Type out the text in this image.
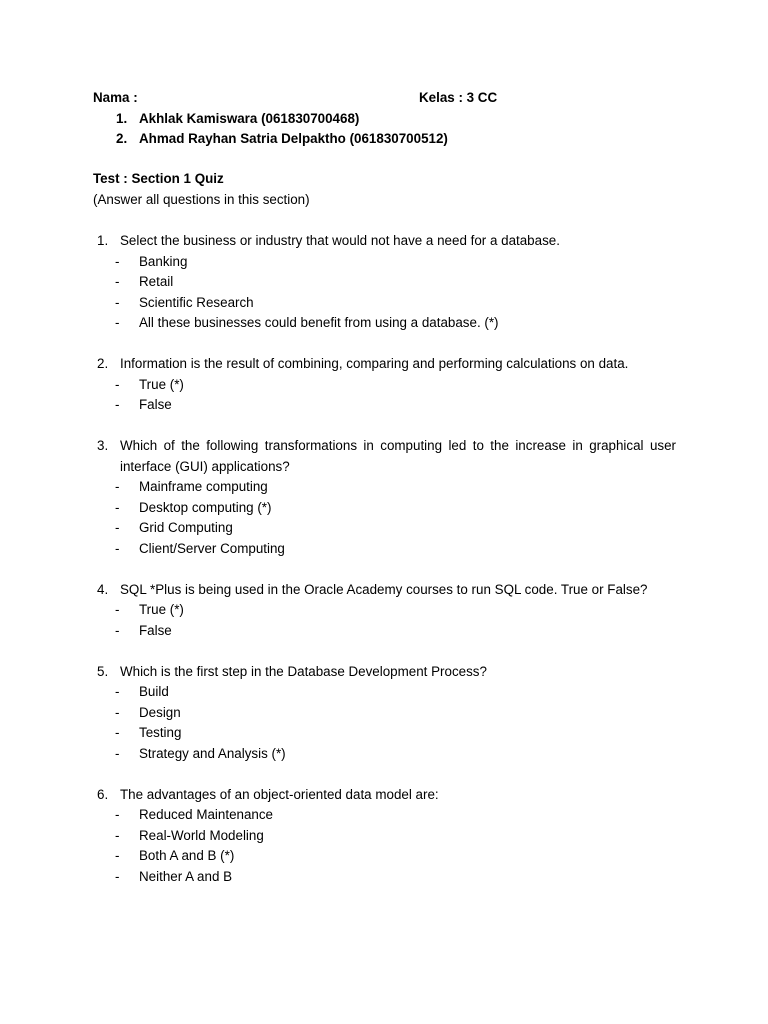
Nama :	Kelas : 3 CC
1. Akhlak Kamiswara (061830700468)
2. Ahmad Rayhan Satria Delpaktho (061830700512)
Test : Section 1 Quiz
(Answer all questions in this section)
1. Select the business or industry that would not have a need for a database.
- Banking
- Retail
- Scientific Research
- All these businesses could benefit from using a database. (*)
2. Information is the result of combining, comparing and performing calculations on data.
- True (*)
- False
3. Which of the following transformations in computing led to the increase in graphical user interface (GUI) applications?
- Mainframe computing
- Desktop computing (*)
- Grid Computing
- Client/Server Computing
4. SQL *Plus is being used in the Oracle Academy courses to run SQL code. True or False?
- True (*)
- False
5. Which is the first step in the Database Development Process?
- Build
- Design
- Testing
- Strategy and Analysis (*)
6. The advantages of an object-oriented data model are:
- Reduced Maintenance
- Real-World Modeling
- Both A and B (*)
- Neither A and B
